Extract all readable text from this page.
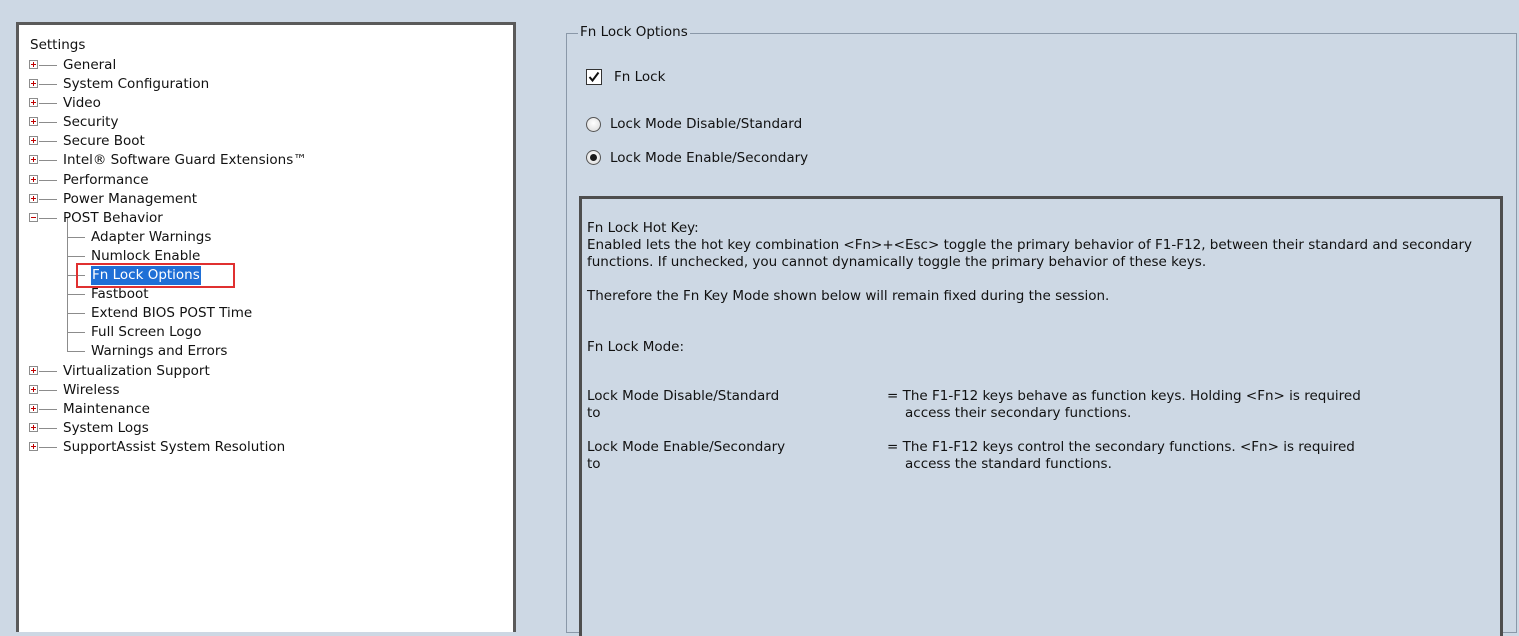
Settings
General
System Configuration
Video
Security
Secure Boot
Intel® Software Guard Extensions™
Performance
Power Management
POST Behavior
Adapter Warnings
Numlock Enable
Fn Lock Options
Fastboot
Extend BIOS POST Time
Full Screen Logo
Warnings and Errors
Virtualization Support
Wireless
Maintenance
System Logs
SupportAssist System Resolution
Fn Lock Options
Fn Lock
Lock Mode Disable/Standard
Lock Mode Enable/Secondary

Fn Lock Hot Key:

Enabled lets the hot key combination <Fn>+<Esc> toggle the primary behavior of F1-F12, between their standard and secondary functions. If unchecked, you cannot dynamically toggle the primary behavior of these keys.

Therefore the Fn Key Mode shown below will remain fixed during the session.

Fn Lock Mode:

Lock Mode Disable/Standard
to
= The F1-F12 keys behave as function keys. Holding <Fn> is required
access their secondary functions.
Lock Mode Enable/Secondary
to
= The F1-F12 keys control the secondary functions. <Fn> is required
access the standard functions.
